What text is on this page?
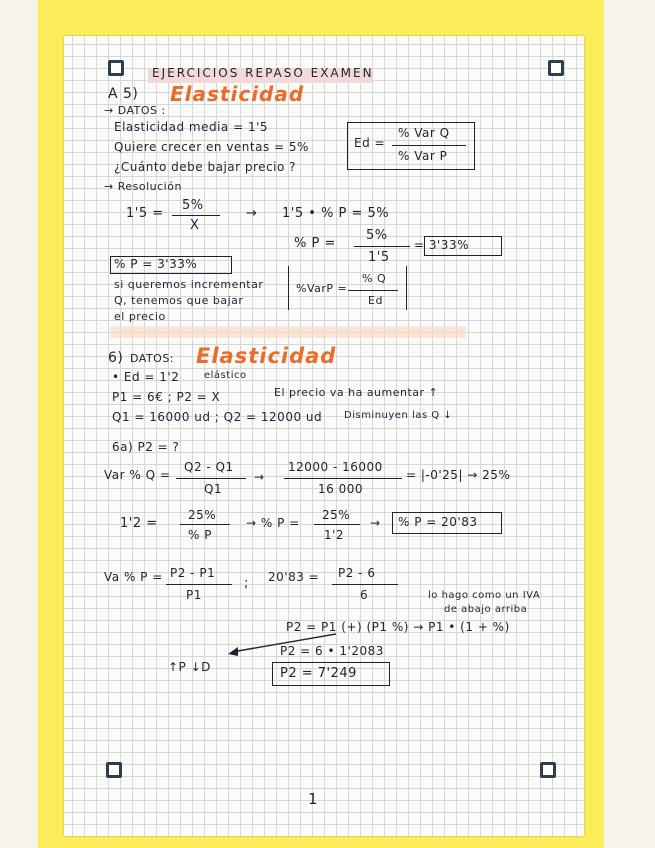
EJERCICIOS REPASO EXAMEN
A 5) Elasticidad
→ DATOS :
Elasticidad media = 1'5
Quiere crecer en ventas = 5%
¿Cuánto debe bajar precio ?
Ed =
% Var Q
% Var P
→ Resolución
1'5 =
5%
X
→ 1'5 • % P = 5%
% P =
5%
1'5
= 3'33%
% P = 3'33%
si queremos incrementar
Q, tenemos que bajar
el precio
%VarP =
% Q
Ed
6) DATOS: Elasticidad
• Ed = 1'2 elástico
P1 = 6€ ; P2 = X	El precio va ha aumentar ↑
Q1 = 16000 ud ; Q2 = 12000 ud Disminuyen las Q ↓
6a) P2 = ?
Var % Q =
Q2 - Q1
Q1
→
12000 - 16000
16 000
= |-0'25| → 25%
1'2 =
25%
% P
→ % P =
25%
1'2
→ % P = 20'83
Va % P = P2 - P1
P1
; 20'83 = P2 - 6
6	lo hago como un IVA
de abajo arriba
P2 = P1 (+) (P1 %) → P1 • (1 + %)
↑P ↓D
P2 = 6 • 1'2083
P2 = 7'249
1
